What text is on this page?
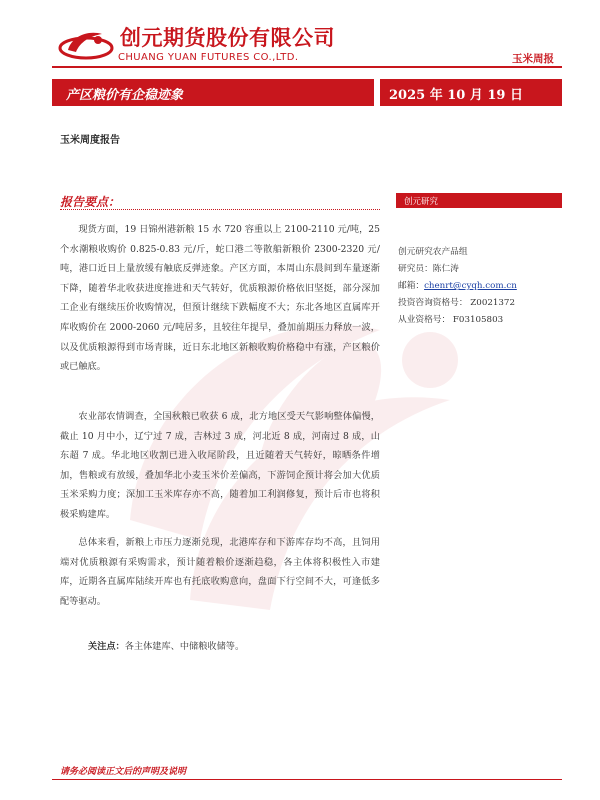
创元期货股份有限公司
CHUANG YUAN FUTURES CO.,LTD.	玉米周报
产区粮价有企稳迹象	2025 年 10 月 19 日
玉米周度报告
报告要点：

现货方面，19 日锦州港新粮 15 水 720 容重以上 2100-2110 元/吨，25 个水潮粮收购价 0.825-0.83 元/斤，蛇口港二等散船新粮价 2300-2320 元/吨，港口近日上量放缓有触底反弹迹象。产区方面，本周山东晨间到车量逐渐下降，随着华北收获进度推进和天气转好，优质粮源价格依旧坚挺，部分深加工企业有继续压价收购情况，但预计继续下跌幅度不大；东北各地区直属库开库收购价在 2000-2060 元/吨居多，且较往年提早，叠加前期压力释放一波，以及优质粮源得到市场青睐，近日东北地区新粮收购价格稳中有涨，产区粮价或已触底。

农业部农情调查，全国秋粮已收获 6 成，北方地区受天气影响整体偏慢，截止 10 月中小，辽宁过 7 成，吉林过 3 成，河北近 8 成，河南过 8 成，山东超 7 成。华北地区收割已进入收尾阶段，且近随着天气转好，晾晒条件增加，售粮或有放缓，叠加华北小麦玉米价差偏高，下游饲企预计将会加大优质玉米采购力度；深加工玉米库存亦不高，随着加工利润修复，预计后市也将积极采购建库。

总体来看，新粮上市压力逐渐兑现，北港库存和下游库存均不高，且饲用端对优质粮源有采购需求，预计随着粮价逐渐趋稳，各主体将积极性入市建库，近期各直属库陆续开库也有托底收购意向，盘面下行空间不大，可逢低多配等驱动。

关注点：各主体建库、中储粮收储等。
创元研究
创元研究农产品组
研究员：陈仁涛
邮箱：chenrt@cyqh.com.cn
投资咨询资格号： Z0021372
从业资格号： F03105803
请务必阅读正文后的声明及说明
